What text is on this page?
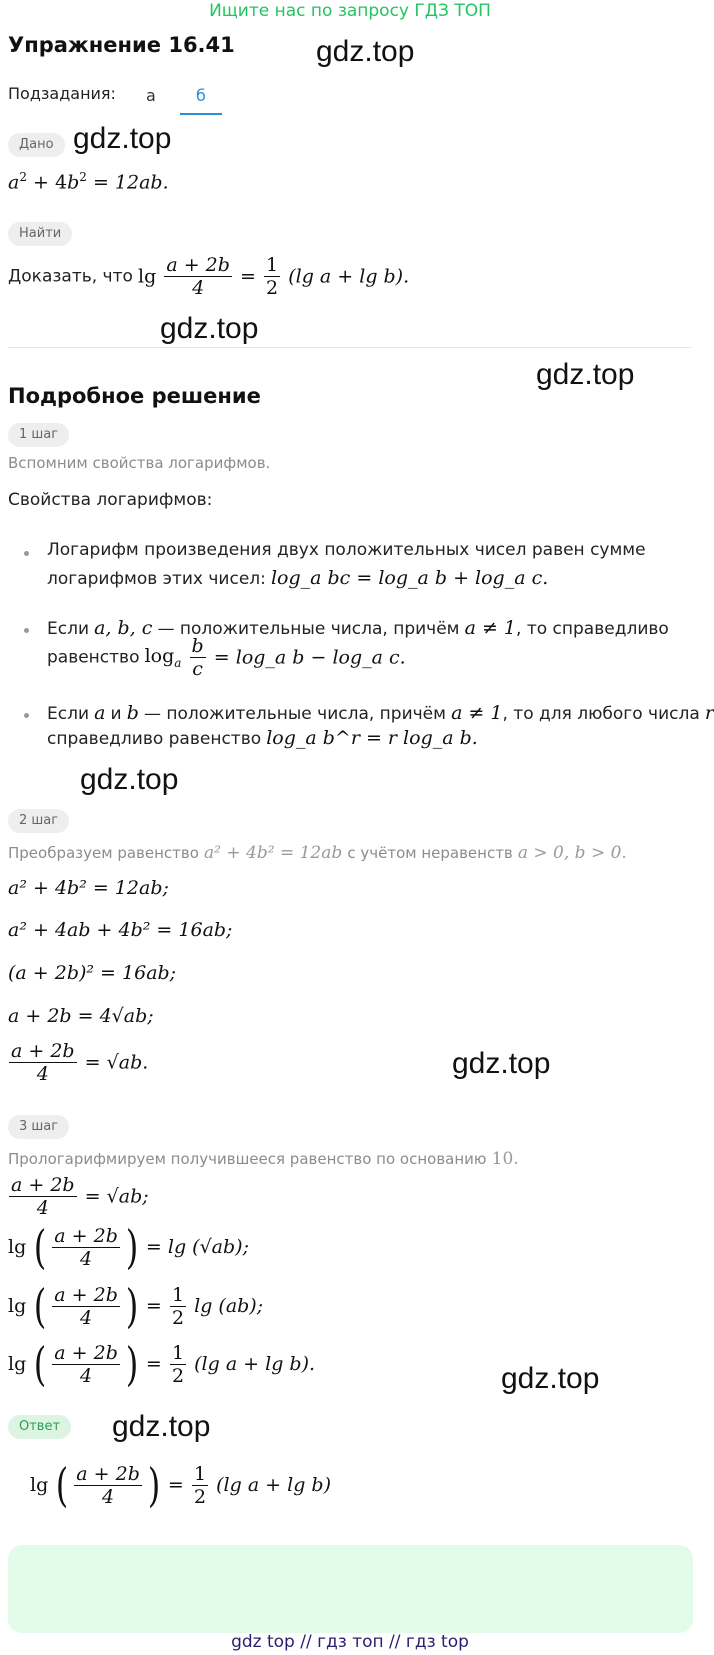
Ищите нас по запросу ГДЗ ТОП
Упражнение 16.41	gdz.top
Подзадания: а	б
Дано gdz.top
$a^2 + 4b^2 = 12ab$.
Найти
Доказать, что $\lg \frac{a + 2b}{4} = \frac{1}{2} (\lg$ a + lg b).
gdz.top
Подробное решение
gdz.top
1 шаг
Вспомним свойства логарифмов.
Свойства логарифмов:
Логарифм произведения двух положительных чисел равен сумме
логарифмов этих чисел: log_a bc = log_a b + log_a c.
Если a, b, c — положительные числа, причём a ≠ 1, то справедливо
равенство $\log_a \frac{b}{c}$ = log_a b − log_a c.
Если a и b — положительные числа, причём a ≠ 1, то для любого числа r
справедливо равенство log_a b^r = r log_a b.
gdz.top
2 шаг
Преобразуем равенство a² + 4b² = 12ab с учётом неравенств a > 0, b > 0.
a² + 4b² = 12ab;
a² + 4ab + 4b² = 16ab;
(a + 2b)² = 16ab;
a + 2b = 4√ab;
$\frac{a + 2b}{4} = √ab$.	gdz.top
3 шаг
Прологарифмируем получившееся равенство по основанию 10.
$\frac{a + 2b}{4} = √ab$;
lg ( $\frac{a + 2b}{4}$ ) = lg (√ab);
lg ( $\frac{a + 2b}{4}$ ) = $\frac{1}{2}$ lg (ab);
lg ( $\frac{a + 2b}{4}$ ) = $\frac{1}{2} (\lg$ a + lg b).	gdz.top
Ответ	gdz.top
lg ( $\frac{a + 2b}{4}$ ) = $\frac{1}{2} (\lg$ a + lg b)
gdz top // гдз топ // гдз top
